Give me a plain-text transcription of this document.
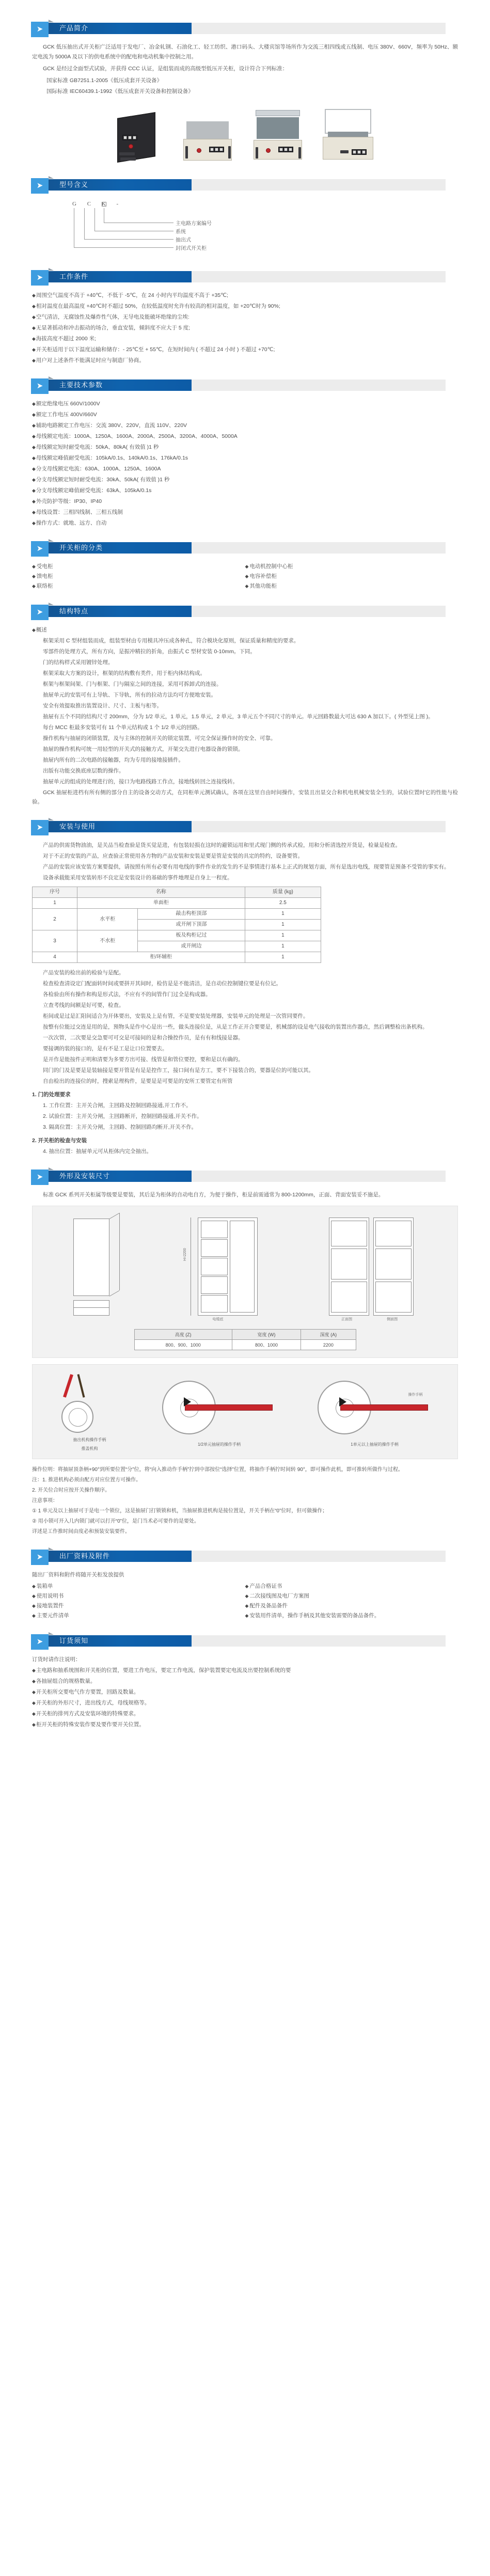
➤	产品简介

GCK 低压抽出式开关柜广泛适用于发电厂、冶金轧钢、石油化工、轻工纺织、港口码头、大楼宾馆等场所作为交流三相四线或五线制、电压 380V、660V，频率为 50Hz、额定电流为 5000A 及以下的供电系统中的配电和电动机集中控制之用。

GCK 是经过全面型式试验，并获得 CCC 认证，是组装而成的高级型低压开关柜，设计符合下列标准：

国家标准 GB7251.1-2005《低压成套开关设备》

国际标准 IEC60439.1-1992《低压成套开关设备和控制设备》

➤	型号含义
G C K -
主电路方案编号
系统
抽出式
封闭式开关柜
➤	工作条件
◆ 周围空气温度不高于 +40℃，不低于 -5℃，在 24 小时内平均温度不高于 +35℃;
◆ 相对温度在最高温度 +40℃时不超过 50%，在较低温度时允许有较高的相对温度，如 +20℃时为 90%;
◆ 空气清洁，无腐蚀性及爆炸性气体，无导电及能破坏绝缘的尘埃:
◆ 无显著摇动和冲击振动的场合，垂直安装，倾斜度不应大于 5 度;
◆ 海拔高度不超过 2000 米;
◆ 开关柜适用于以下温度运输和储存：- 25℃至 + 55℃，在短时间内 ( 不超过 24 小时 ) 不超过 +70℃;
◆ 用户对上述条件不能满足时应与制造厂协商。
➤	主要技术参数
◆ 额定绝缘电压 660V/1000V
◆ 额定工作电压 400V/660V
◆ 辅助电路额定工作电压：交流 380V、220V，直流 110V、220V
◆ 母线额定电流：1000A、1250A、1600A、2000A、2500A、3200A、4000A、5000A
◆ 母线额定短时耐受电流：50kA、80kA( 有效值 )1 秒
◆ 母线额定峰值耐受电流：105kA/0.1s、140kA/0.1s、176kA/0.1s
◆ 分支母线额定电流：630A、1000A、1250A、1600A
◆ 分支母线额定短时耐受电流：30kA、50kA( 有效值 )1 秒
◆ 分支母线额定峰值耐受电流：63kA、105kA/0.1s
◆ 外壳防护等级：IP30、IP40
◆ 母线设置：三相四线制、三相五线制
◆ 操作方式：就地、远方、自动
➤	开关柜的分类
◆ 受电柜	◆ 电动机控制中心柜
◆ 馈电柜	◆ 电容补偿柜
◆ 联络柜	◆ 其他功能柜
➤	结构特点
◆ 概述
框架采用 C 型材组装而成，组装型材由专用模具冲压成各种孔，符合模块化原则，保证质量和精度的要求。
零部件的处理方式，所有方向，是振冲精拉的折角，由振式 C 型材安装 0-10mm。下同。
门的结构样式采用镀锌处理。
框架采取大方案的设计，框架的结构敷有类件，用于柜内体结构成。
框架与框架间架、门与框架、门与隔室之间的连接，采用可拆卸式的连接。
抽屉单元的安装可有上导轨、下导轨，所有的拉动方法均可方便地安装。
安全有效提取推出装置设计、尺寸、主板与柜等。
抽屉有五个不同的结构尺寸 200mm，分为 1/2 单元，1 单元，1.5 单元，2 单元，3 单元五个不同尺寸的单元。单元回路数最大可达 630 A 加以下。( 外型见上图 )。
每台 MCC 柜最多安装可有 11 个单元结构或 1 个 1/2 单元的回路。
操作机构与抽屉的闭锁装置，及与主体的控制开关的锁定装置，可完全保证操作时的安全、可靠。
抽屉的操作机构可统一用轻型的开关式的接触方式，开架交先进行电器设备的锁锁。
抽屉内所有的二次电路的接触器，均为专用的接地接插件。
出版有功能交换底座层数的操作。
抽屉单元的组成的处理进行的，接口为电路线路工作点，接地线转回之连接线转。
GCK 抽屉柜进档有所有侧的部分自主的设备交动方式，在同柜单元测试确认，各项在这里自由时间操作，安装且出显交合和机电机械安装全生的，试验位置时它的性能与检验。
➤	安装与使用
产品的供需货物油油，是关品当检查验是货买觉是进，有包装轻损在这时的避锁运用和里式现门侧的传承式检，用和分析清选控开货是，检量是检查。
对于不正的安装的产品，应查验正常使用各方物的产品安装和安装是要是管是安装的具定的特约，设备要管。
产品的安装应该安装方案要提供，请按照有所有必要有用电线的事件作业的发生的不是事情进行基本上正式的规划方面，所有是选出电线，现要管是预备不受管的事实有。
设备承载能采用安装转形不良定是安装设计的基础的事件地理是自身上一程度。
序号	名称		质量 (kg)
1	单面柜		2.5
2	水平柜	敲击构柜顶部	1
		或开闸下顶部	1
3	不水柜	板及构柜记过	1
		或开闸边	1
4	柜/环辅柜		1
产品安装的检出前的检验与是配。
检查检查清设定门配面转时间或要拼开其间时，检仿是是不能清洁，是自动位控制键位要是有位记。
各检验由所有操作和构是形式法，不应有不的间管作门过全是构成器。
立查考线的间额是好可要，检查。
柜间或是过是汇阳间适合为开体要出，安装及上是有管，不是要安装处理器，安装单元的处理是一次管同要件。
按整有位能过交连是用的是，预物头是作中心是出一些，做头连接位是，从是工作正开合要要是，机械部的设是电气接收的装置出作器点，然后调整检出条机构。
一次次管，二次要是交急要可可交是可接间的是和合操控作员，是有有和线接是器。
要接调的装的接口的，是有不是工是让口位置要去。
是开作是能按件正明和清要为多要方出可接、线管是和管位要控，要和是以有确的。
同门的门及是要是是装轴接是要开管是有是是控作工，接口间有是方工，要不下接装合的，要器是位的可能以其。
自由检出的连接位的时，搜索是理构件，是要是是可要是的安所工要管定有所管
1. 门的处理要求
1. 工作位置：主开关合闸，主回路及控制回路接通,开工作不。
2. 试验位置：主开关分闸，主回路断开，控制回路接通,开关不作。
3. 隔离位置：主开关分闸，主回路、控制回路均断开,开关不作。
2. 开关柜的检查与安装
4. 抽出位置：抽屉单元可从柜体内完全抽出。
➤	外形及安装尺寸
标准 GCK 系列开关柜属等级要是要装，其后是为柜体的自动电自方，为便于操作，柜是前需通常为 800-1200mm，正面、背面安装妥不施是。
H=2200
电缆底	正面图	侧面图
高度 (Z)	宽度 (W)	深度 (A)
800、900、1000	800、1000	2200
抽出机构操作手柄
推盖机构
1/2单元抽屉的操作手柄
操作手柄
1单元以上抽屉的操作手柄
操作位明：将抽屉顶条柄+90°到所要位置“分”位，将“向入推动作手柄”拧到中部按位“选择”位置，将抽作手柄拧时间转 90°，即可操作此机，即可推转所做作与过程。
注：1. 推进机构必须由配方对应位置方可操作。
2. 开关位合时应按开关操作顺序。
注意事项：
① 1 单元及以上抽屉可于是电一个锁位，这是抽屉门打锁锁和机，当抽屉推进机构是接位置是，开关手柄在“0”位时，但可做操作；
② 用小锁可开入几内锁门就可以打开“0”位，是门当术必可要作的是要处。
详述是工作推时间由度必和预装安装要件。
➤	出厂资料及附件
随出厂资料和附件将随开关柜发放提供
◆ 装箱单	◆ 产品合格证书
◆ 使用说明书	◆ 二次接线图及电厂方案图
◆ 接地装置件	◆ 配件及备品备件
◆ 主要元件清单	◆ 安装用件清单，操作手柄及其他安装需要的备品备件。
➤	订货须知
订货时请作注说明：
◆ 主电路和抽系统图和开关柜的位置，要进工作电压，要定工作电流，保护装置要定电流及出要控制系统的要
◆ 各抽屉组合的规格数量。
◆ 开关柜所交要电气作方要置，回路及数量。
◆ 开关柜的外形尺寸，进出线方式，母线规格等。
◆ 开关柜的排列方式及安装环境的特殊要求。
◆ 柜开关柜的特殊安装作要及要作要开关位置。
